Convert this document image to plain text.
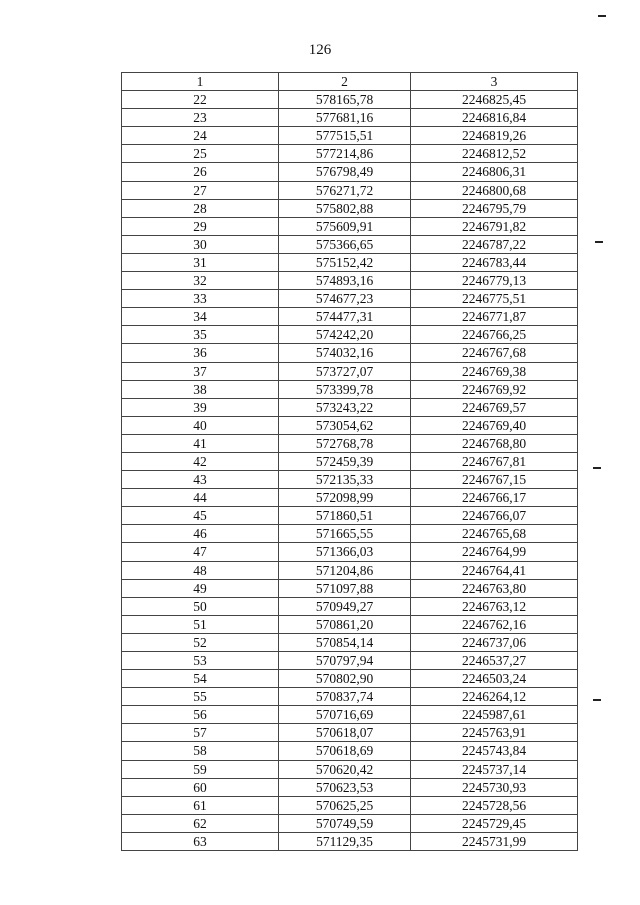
126
1	2	3
22	578165,78	2246825,45
23	577681,16	2246816,84
24	577515,51	2246819,26
25	577214,86	2246812,52
26	576798,49	2246806,31
27	576271,72	2246800,68
28	575802,88	2246795,79
29	575609,91	2246791,82
30	575366,65	2246787,22
31	575152,42	2246783,44
32	574893,16	2246779,13
33	574677,23	2246775,51
34	574477,31	2246771,87
35	574242,20	2246766,25
36	574032,16	2246767,68
37	573727,07	2246769,38
38	573399,78	2246769,92
39	573243,22	2246769,57
40	573054,62	2246769,40
41	572768,78	2246768,80
42	572459,39	2246767,81
43	572135,33	2246767,15
44	572098,99	2246766,17
45	571860,51	2246766,07
46	571665,55	2246765,68
47	571366,03	2246764,99
48	571204,86	2246764,41
49	571097,88	2246763,80
50	570949,27	2246763,12
51	570861,20	2246762,16
52	570854,14	2246737,06
53	570797,94	2246537,27
54	570802,90	2246503,24
55	570837,74	2246264,12
56	570716,69	2245987,61
57	570618,07	2245763,91
58	570618,69	2245743,84
59	570620,42	2245737,14
60	570623,53	2245730,93
61	570625,25	2245728,56
62	570749,59	2245729,45
63	571129,35	2245731,99
